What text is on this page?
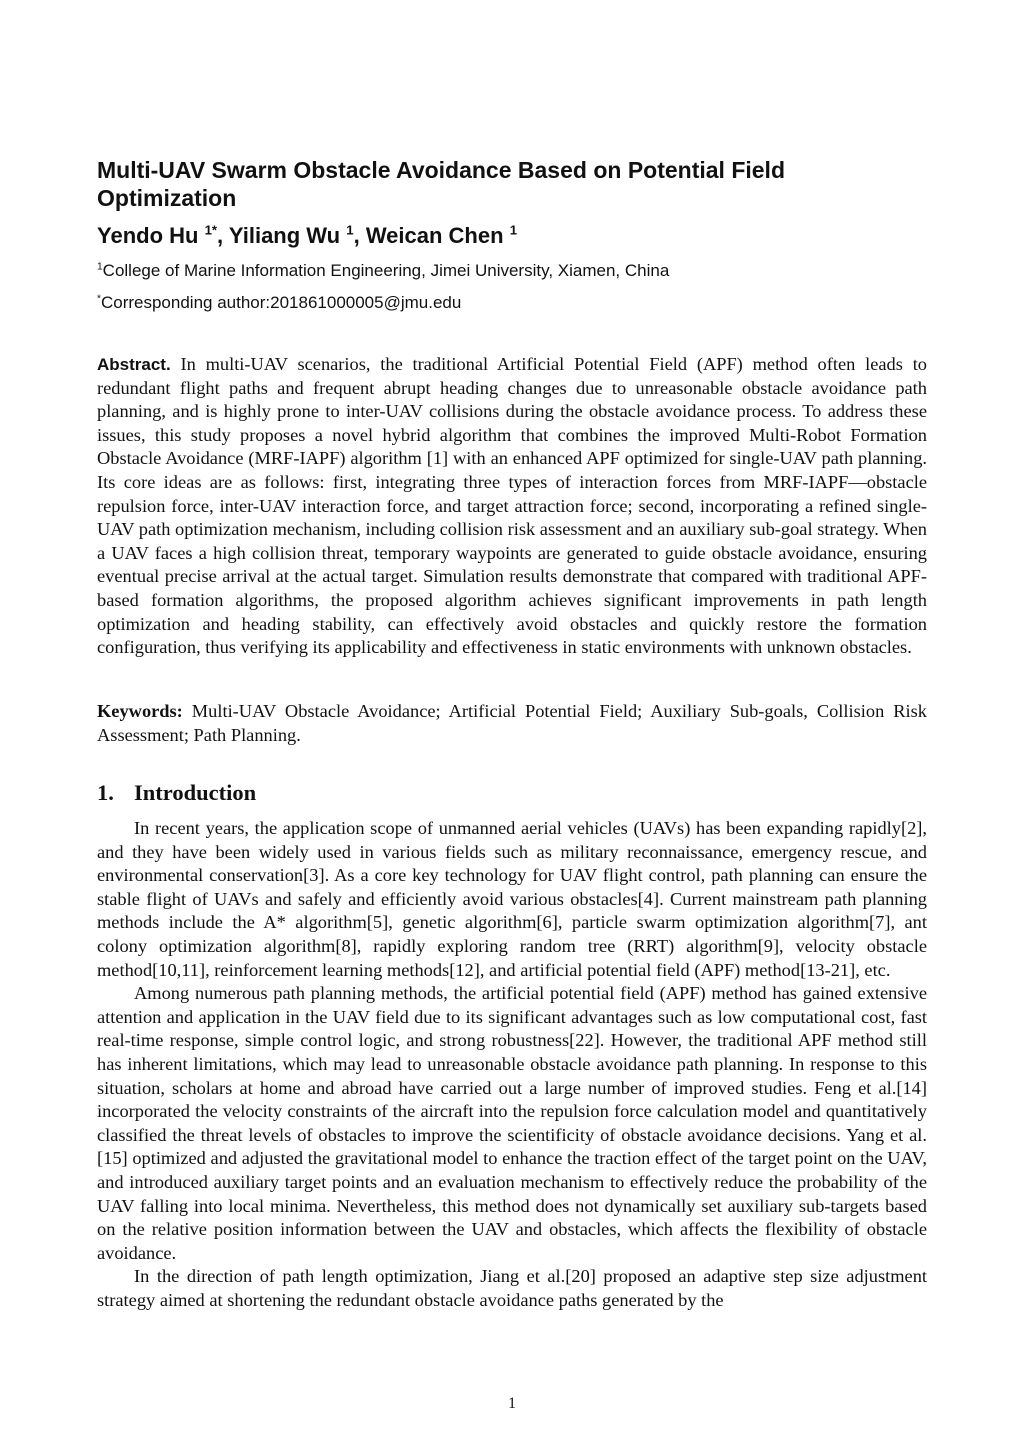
Multi-UAV Swarm Obstacle Avoidance Based on Potential Field Optimization
Yendo Hu $^{1*}$, Yiliang Wu $^1$, Weican Chen $^1$

$^1$College of Marine Information Engineering, Jimei University, Xiamen, China

*Corresponding author:201861000005@jmu.edu

Abstract. In multi-UAV scenarios, the traditional Artificial Potential Field (APF) method often leads to redundant flight paths and frequent abrupt heading changes due to unreasonable obstacle avoidance path planning, and is highly prone to inter-UAV collisions during the obstacle avoidance process. To address these issues, this study proposes a novel hybrid algorithm that combines the improved Multi-Robot Formation Obstacle Avoidance (MRF-IAPF) algorithm [1] with an enhanced APF optimized for single-UAV path planning. Its core ideas are as follows: first, integrating three types of interaction forces from MRF-IAPF—obstacle repulsion force, inter-UAV interaction force, and target attraction force; second, incorporating a refined single-UAV path optimization mechanism, including collision risk assessment and an auxiliary sub-goal strategy. When a UAV faces a high collision threat, temporary waypoints are generated to guide obstacle avoidance, ensuring eventual precise arrival at the actual target. Simulation results demonstrate that compared with traditional APF-based formation algorithms, the proposed algorithm achieves significant improvements in path length optimization and heading stability, can effectively avoid obstacles and quickly restore the formation configuration, thus verifying its applicability and effectiveness in static environments with unknown obstacles.

Keywords: Multi-UAV Obstacle Avoidance; Artificial Potential Field; Auxiliary Sub-goals, Collision Risk Assessment; Path Planning.

1. Introduction

In recent years, the application scope of unmanned aerial vehicles (UAVs) has been expanding rapidly[2], and they have been widely used in various fields such as military reconnaissance, emergency rescue, and environmental conservation[3]. As a core key technology for UAV flight control, path planning can ensure the stable flight of UAVs and safely and efficiently avoid various obstacles[4]. Current mainstream path planning methods include the A* algorithm[5], genetic algorithm[6], particle swarm optimization algorithm[7], ant colony optimization algorithm[8], rapidly exploring random tree (RRT) algorithm[9], velocity obstacle method[10,11], reinforcement learning methods[12], and artificial potential field (APF) method[13-21], etc.

Among numerous path planning methods, the artificial potential field (APF) method has gained extensive attention and application in the UAV field due to its significant advantages such as low computational cost, fast real-time response, simple control logic, and strong robustness[22]. However, the traditional APF method still has inherent limitations, which may lead to unreasonable obstacle avoidance path planning. In response to this situation, scholars at home and abroad have carried out a large number of improved studies. Feng et al.[14] incorporated the velocity constraints of the aircraft into the repulsion force calculation model and quantitatively classified the threat levels of obstacles to improve the scientificity of obstacle avoidance decisions. Yang et al.[15] optimized and adjusted the gravitational model to enhance the traction effect of the target point on the UAV, and introduced auxiliary target points and an evaluation mechanism to effectively reduce the probability of the UAV falling into local minima. Nevertheless, this method does not dynamically set auxiliary sub-targets based on the relative position information between the UAV and obstacles, which affects the flexibility of obstacle avoidance.

In the direction of path length optimization, Jiang et al.[20] proposed an adaptive step size adjustment strategy aimed at shortening the redundant obstacle avoidance paths generated by the

1
